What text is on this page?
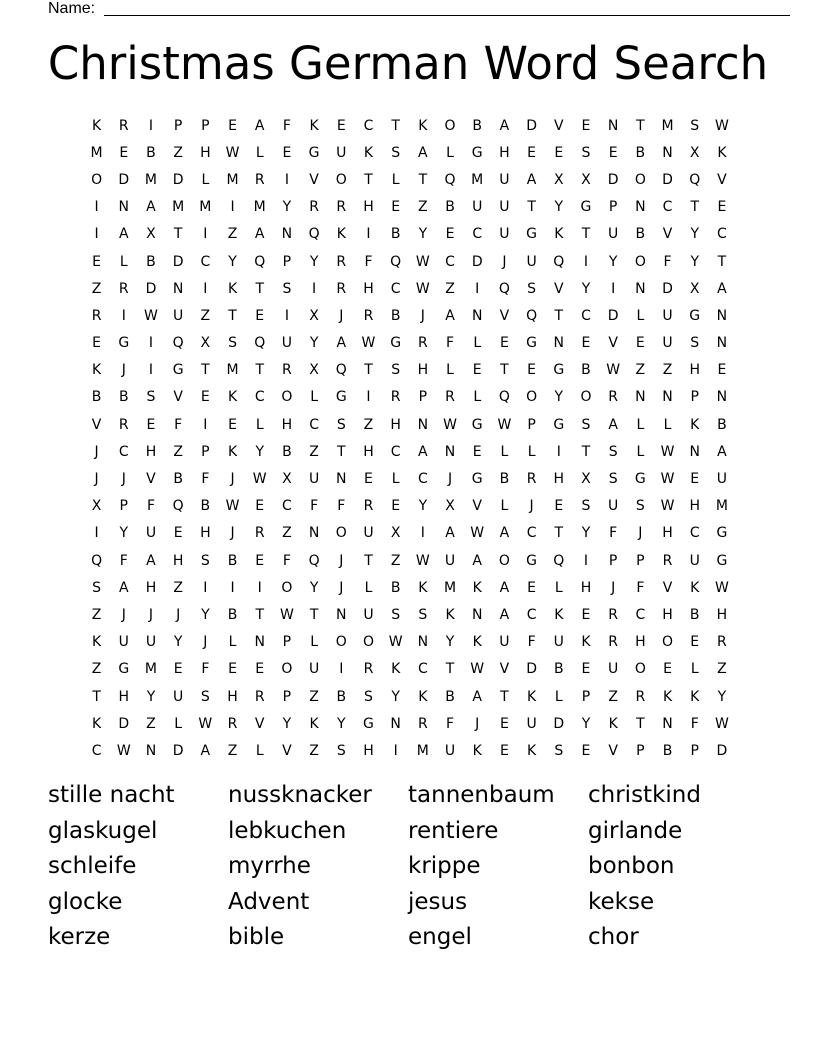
Name:
Christmas German Word Search
K	R	I	P	P	E	A	F	K	E	C	T	K	O	B	A	D	V	E	N	T	M	S	W
M	E	B	Z	H	W	L	E	G	U	K	S	A	L	G	H	E	E	S	E	B	N	X	K
O	D	M	D	L	M	R	I	V	O	T	L	T	Q	M	U	A	X	X	D	O	D	Q	V
I	N	A	M	M	I	M	Y	R	R	H	E	Z	B	U	U	T	Y	G	P	N	C	T	E
I	A	X	T	I	Z	A	N	Q	K	I	B	Y	E	C	U	G	K	T	U	B	V	Y	C
E	L	B	D	C	Y	Q	P	Y	R	F	Q	W	C	D	J	U	Q	I	Y	O	F	Y	T
Z	R	D	N	I	K	T	S	I	R	H	C	W	Z	I	Q	S	V	Y	I	N	D	X	A
R	I	W	U	Z	T	E	I	X	J	R	B	J	A	N	V	Q	T	C	D	L	U	G	N
E	G	I	Q	X	S	Q	U	Y	A	W	G	R	F	L	E	G	N	E	V	E	U	S	N
K	J	I	G	T	M	T	R	X	Q	T	S	H	L	E	T	E	G	B	W	Z	Z	H	E
B	B	S	V	E	K	C	O	L	G	I	R	P	R	L	Q	O	Y	O	R	N	N	P	N
V	R	E	F	I	E	L	H	C	S	Z	H	N	W	G	W	P	G	S	A	L	L	K	B
J	C	H	Z	P	K	Y	B	Z	T	H	C	A	N	E	L	L	I	T	S	L	W	N	A
J	J	V	B	F	J	W	X	U	N	E	L	C	J	G	B	R	H	X	S	G	W	E	U
X	P	F	Q	B	W	E	C	F	F	R	E	Y	X	V	L	J	E	S	U	S	W	H	M
I	Y	U	E	H	J	R	Z	N	O	U	X	I	A	W	A	C	T	Y	F	J	H	C	G
Q	F	A	H	S	B	E	F	Q	J	T	Z	W	U	A	O	G	Q	I	P	P	R	U	G
S	A	H	Z	I	I	I	O	Y	J	L	B	K	M	K	A	E	L	H	J	F	V	K	W
Z	J	J	J	Y	B	T	W	T	N	U	S	S	K	N	A	C	K	E	R	C	H	B	H
K	U	U	Y	J	L	N	P	L	O	O	W	N	Y	K	U	F	U	K	R	H	O	E	R
Z	G	M	E	F	E	E	O	U	I	R	K	C	T	W	V	D	B	E	U	O	E	L	Z
T	H	Y	U	S	H	R	P	Z	B	S	Y	K	B	A	T	K	L	P	Z	R	K	K	Y
K	D	Z	L	W	R	V	Y	K	Y	G	N	R	F	J	E	U	D	Y	K	T	N	F	W
C	W	N	D	A	Z	L	V	Z	S	H	I	M	U	K	E	K	S	E	V	P	B	P	D
stille nacht	nussknacker	tannenbaum	christkind
glaskugel	lebkuchen	rentiere	girlande
schleife	myrrhe	krippe	bonbon
glocke	Advent	jesus	kekse
kerze	bible	engel	chor
